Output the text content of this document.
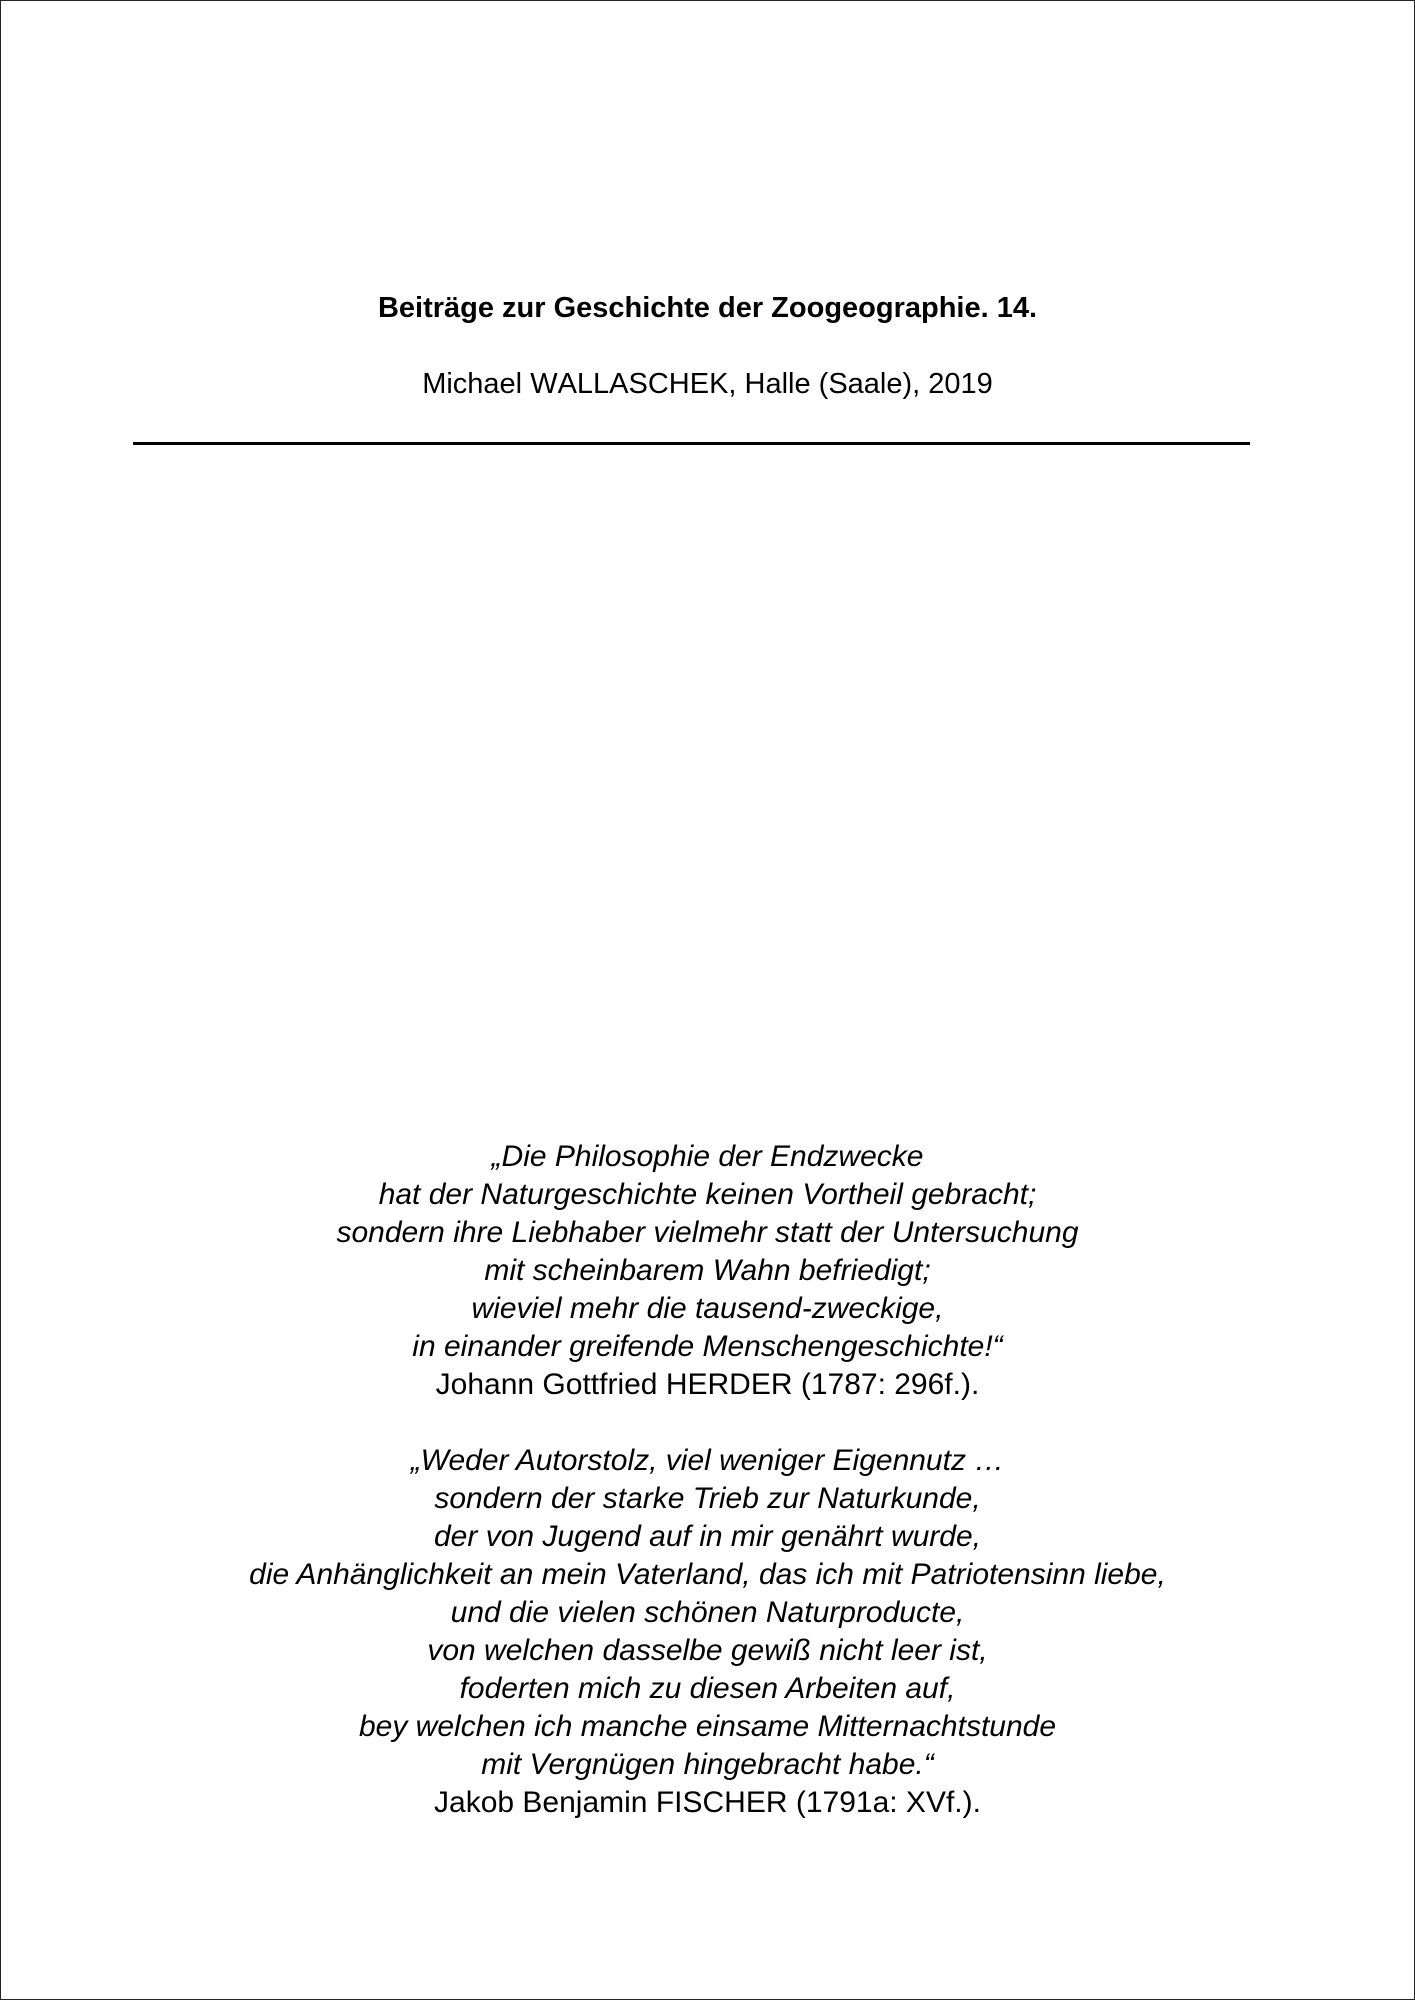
Beiträge zur Geschichte der Zoogeographie. 14.
Michael WALLASCHEK, Halle (Saale), 2019
„Die Philosophie der Endzwecke
hat der Naturgeschichte keinen Vortheil gebracht;
sondern ihre Liebhaber vielmehr statt der Untersuchung
mit scheinbarem Wahn befriedigt;
wieviel mehr die tausend-zweckige,
in einander greifende Menschengeschichte!“
Johann Gottfried HERDER (1787: 296f.).
„Weder Autorstolz, viel weniger Eigennutz …
sondern der starke Trieb zur Naturkunde,
der von Jugend auf in mir genährt wurde,
die Anhänglichkeit an mein Vaterland, das ich mit Patriotensinn liebe,
und die vielen schönen Naturproducte,
von welchen dasselbe gewiß nicht leer ist,
foderten mich zu diesen Arbeiten auf,
bey welchen ich manche einsame Mitternachtstunde
mit Vergnügen hingebracht habe.“
Jakob Benjamin FISCHER (1791a: XVf.).
